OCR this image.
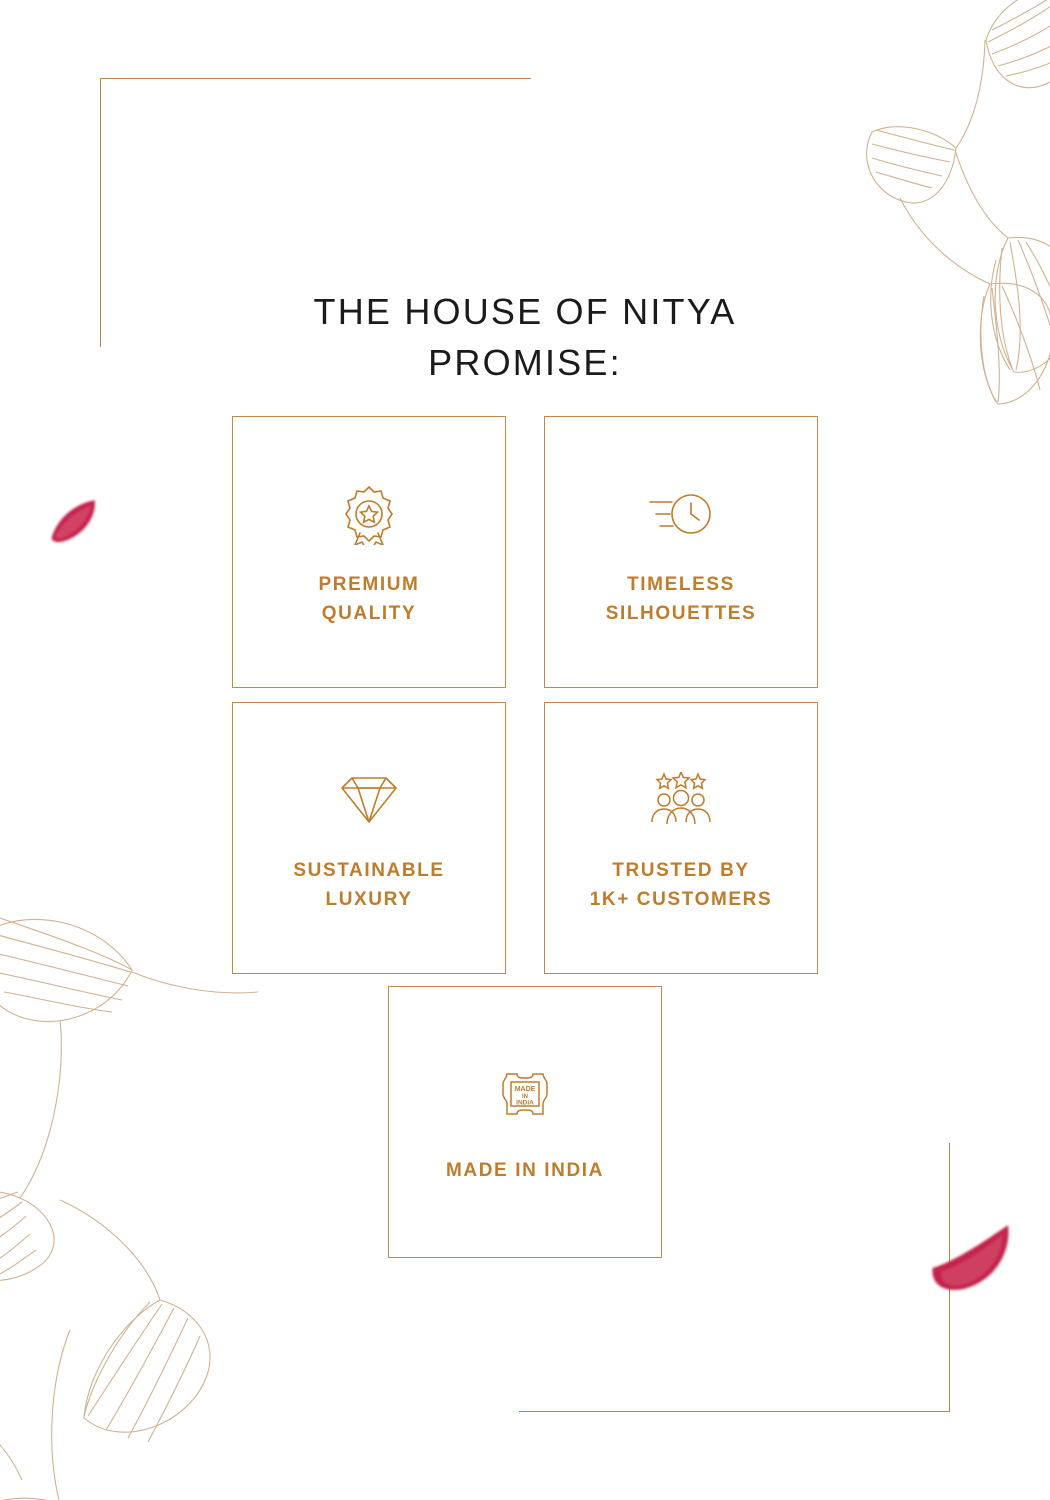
THE HOUSE OF NITYA
PROMISE:
PREMIUM
QUALITY
TIMELESS
SILHOUETTES
SUSTAINABLE
LUXURY
TRUSTED BY
1K+ CUSTOMERS
MADE
IN
INDIA
MADE IN INDIA
